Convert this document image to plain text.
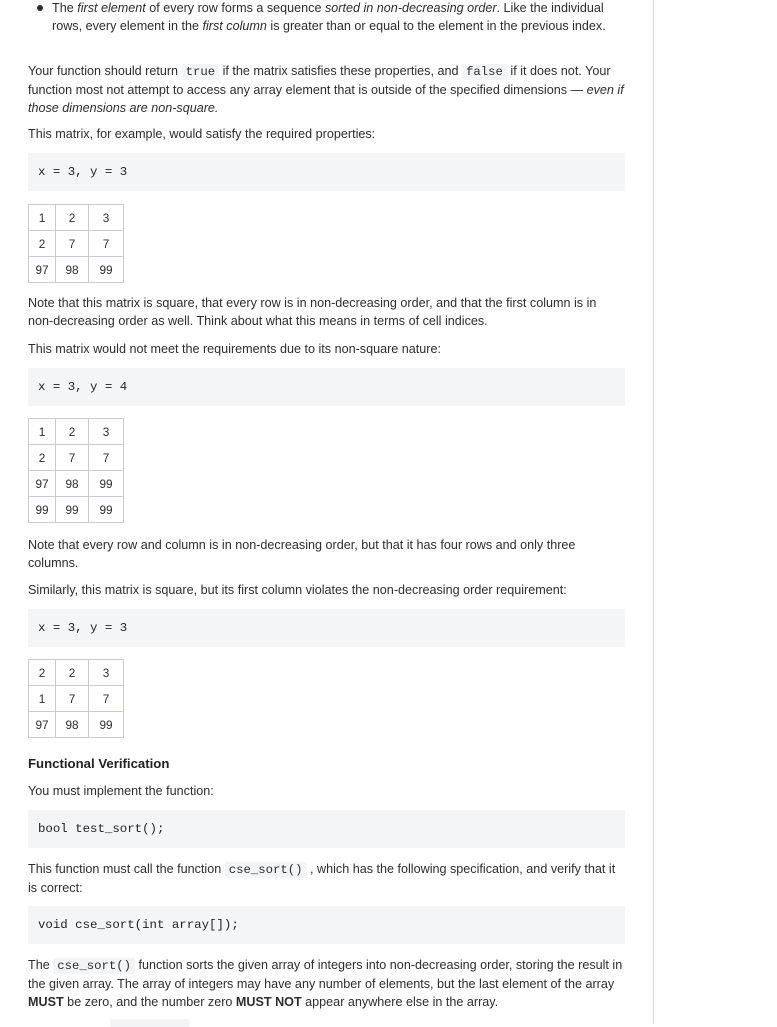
The first element of every row forms a sequence sorted in non-decreasing order. Like the individual rows, every element in the first column is greater than or equal to the element in the previous index.

Your function should return true if the matrix satisfies these properties, and false if it does not. Your function most not attempt to access any array element that is outside of the specified dimensions — even if those dimensions are non-square.

This matrix, for example, would satisfy the required properties:

x = 3, y = 3
1	2	3
2	7	7
97	98	99

Note that this matrix is square, that every row is in non-decreasing order, and that the first column is in non-decreasing order as well. Think about what this means in terms of cell indices.

This matrix would not meet the requirements due to its non-square nature:

x = 3, y = 4
1	2	3
2	7	7
97	98	99
99	99	99

Note that every row and column is in non-decreasing order, but that it has four rows and only three columns.

Similarly, this matrix is square, but its first column violates the non-decreasing order requirement:

x = 3, y = 3
2	2	3
1	7	7
97	98	99
Functional Verification

You must implement the function:

bool test_sort();

This function must call the function cse_sort() , which has the following specification, and verify that it is correct:

void cse_sort(int array[]);

The cse_sort() function sorts the given array of integers into non-decreasing order, storing the result in the given array. The array of integers may have any number of elements, but the last element of the array MUST be zero, and the number zero MUST NOT appear anywhere else in the array.
